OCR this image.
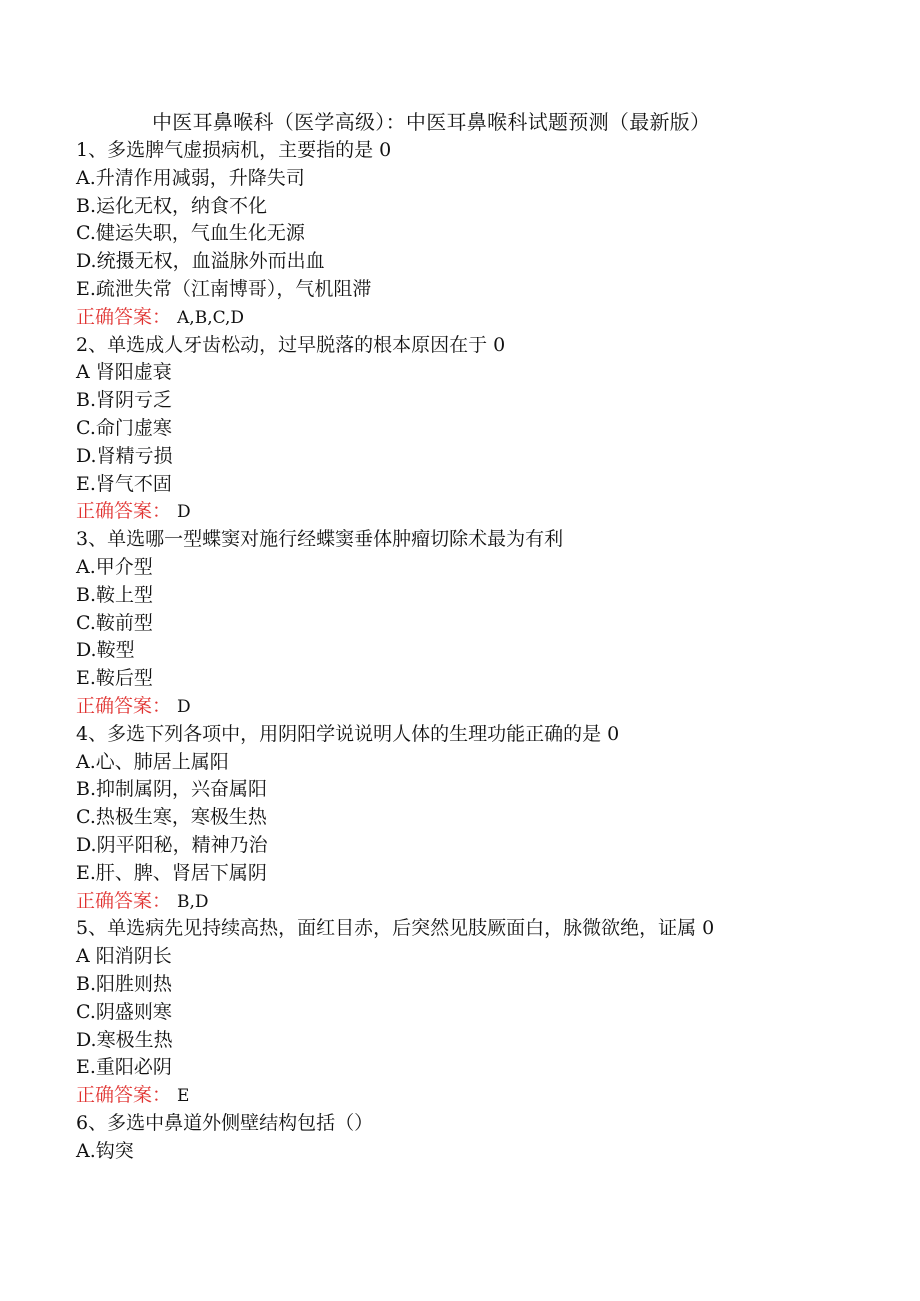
中医耳鼻喉科（医学高级）：中医耳鼻喉科试题预测（最新版）
1、多选脾气虚损病机，主要指的是 0
A.升清作用减弱，升降失司
B.运化无权，纳食不化
C.健运失职，气血生化无源
D.统摄无权，血溢脉外而出血
E.疏泄失常（江南博哥），气机阻滞
正确答案： A,B,C,D
2、单选成人牙齿松动，过早脱落的根本原因在于 0
A 肾阳虚衰
B.肾阴亏乏
C.命门虚寒
D.肾精亏损
E.肾气不固
正确答案： D
3、单选哪一型蝶窦对施行经蝶窦垂体肿瘤切除术最为有利
A.甲介型
B.鞍上型
C.鞍前型
D.鞍型
E.鞍后型
正确答案： D
4、多选下列各项中，用阴阳学说说明人体的生理功能正确的是 0
A.心、肺居上属阳
B.抑制属阴，兴奋属阳
C.热极生寒，寒极生热
D.阴平阳秘，精神乃治
E.肝、脾、肾居下属阴
正确答案： B,D
5、单选病先见持续高热，面红目赤，后突然见肢厥面白，脉微欲绝，证属 0
A 阳消阴长
B.阳胜则热
C.阴盛则寒
D.寒极生热
E.重阳必阴
正确答案： E
6、多选中鼻道外侧壁结构包括（）
A.钩突
